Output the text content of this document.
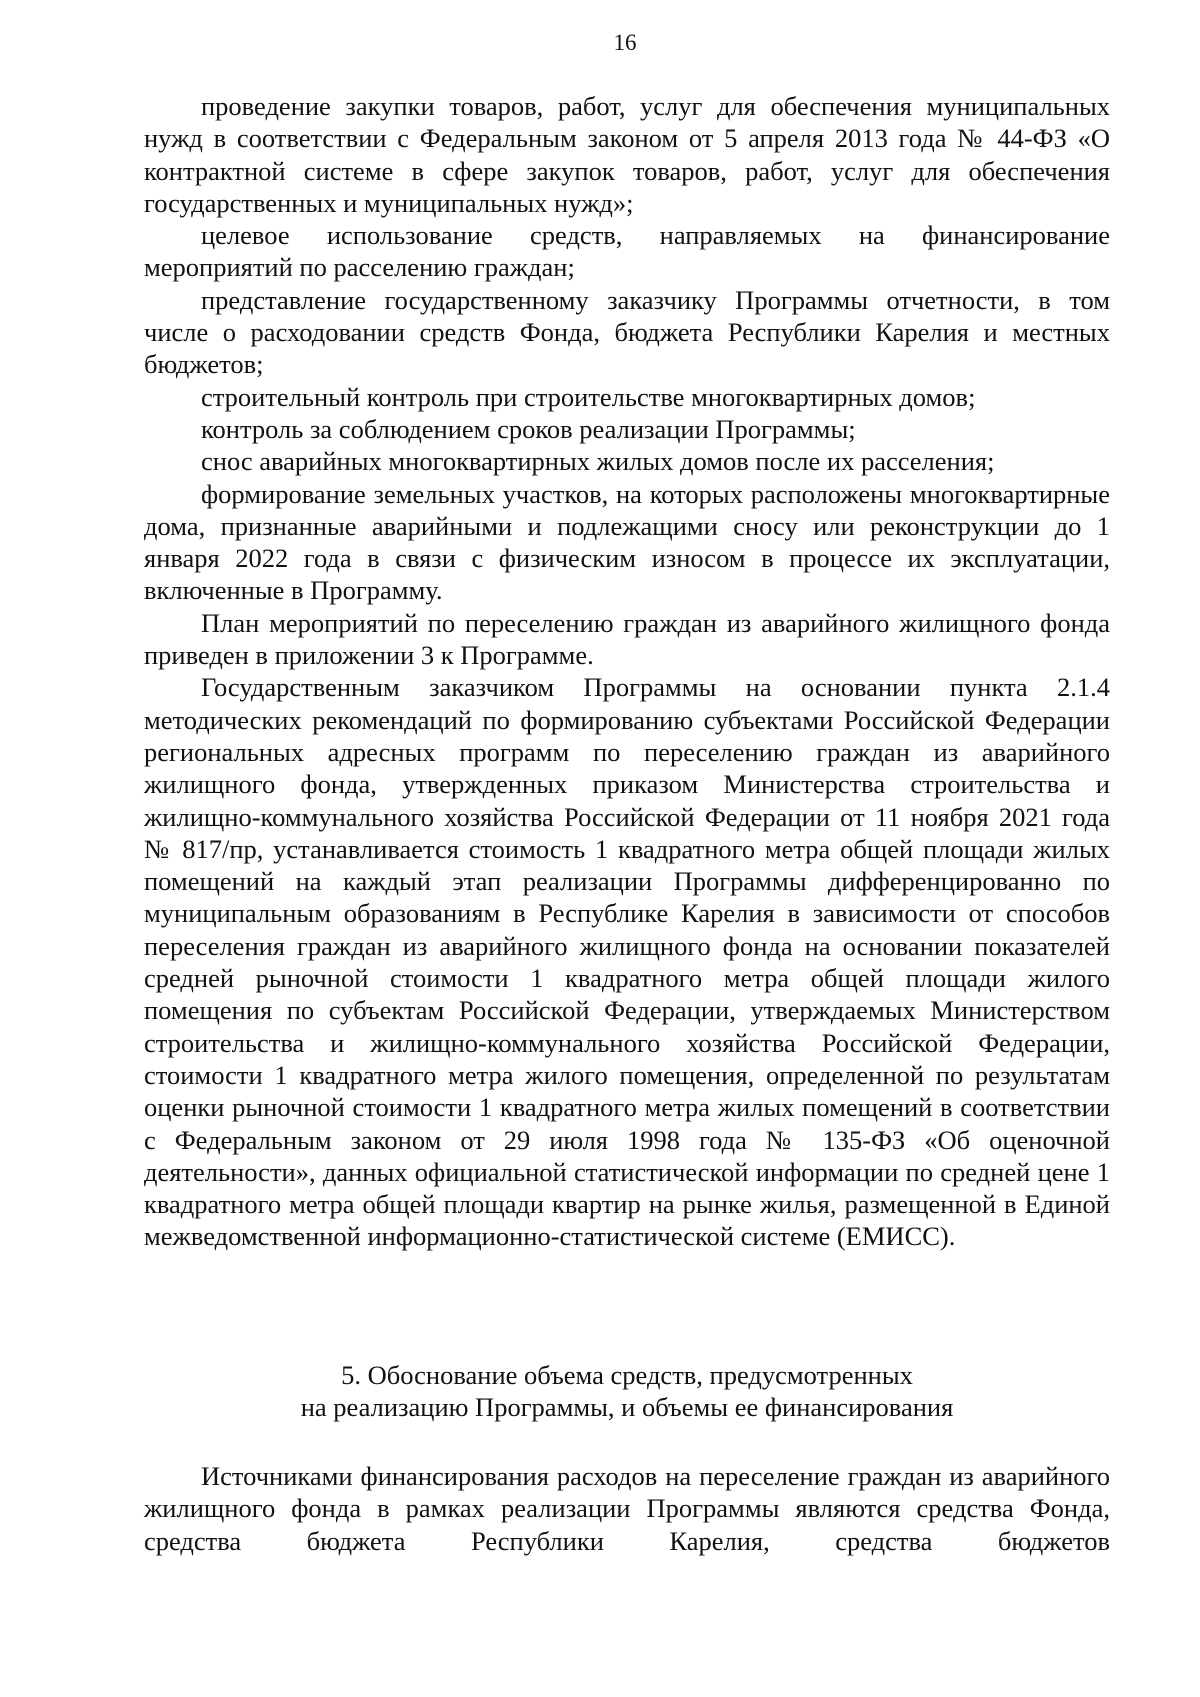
16

проведение закупки товаров, работ, услуг для обеспечения муниципальных нужд в соответствии с Федеральным законом от 5 апреля 2013 года № 44-ФЗ «О контрактной системе в сфере закупок товаров, работ, услуг для обеспечения государственных и муниципальных нужд»;

целевое использование средств, направляемых на финансирование мероприятий по расселению граждан;

представление государственному заказчику Программы отчетности, в том числе о расходовании средств Фонда, бюджета Республики Карелия и местных бюджетов;

строительный контроль при строительстве многоквартирных домов;

контроль за соблюдением сроков реализации Программы;

снос аварийных многоквартирных жилых домов после их расселения;

формирование земельных участков, на которых расположены многоквартирные дома, признанные аварийными и подлежащими сносу или реконструкции до 1 января 2022 года в связи с физическим износом в процессе их эксплуатации, включенные в Программу.

План мероприятий по переселению граждан из аварийного жилищного фонда приведен в приложении 3 к Программе.

Государственным заказчиком Программы на основании пункта 2.1.4 методических рекомендаций по формированию субъектами Российской Федерации региональных адресных программ по переселению граждан из аварийного жилищного фонда, утвержденных приказом Министерства строительства и жилищно-коммунального хозяйства Российской Федерации от 11 ноября 2021 года № 817/пр, устанавливается стоимость 1 квадратного метра общей площади жилых помещений на каждый этап реализации Программы дифференцированно по муниципальным образованиям в Республике Карелия в зависимости от способов переселения граждан из аварийного жилищного фонда на основании показателей средней рыночной стоимости 1 квадратного метра общей площади жилого помещения по субъектам Российской Федерации, утверждаемых Министерством строительства и жилищно-коммунального хозяйства Российской Федерации, стоимости 1 квадратного метра жилого помещения, определенной по результатам оценки рыночной стоимости 1 квадратного метра жилых помещений в соответствии с Федеральным законом от 29 июля 1998 года № 135-ФЗ «Об оценочной деятельности», данных официальной статистической информации по средней цене 1 квадратного метра общей площади квартир на рынке жилья, размещенной в Единой межведомственной информационно-статистической системе (ЕМИСС).

5. Обоснование объема средств, предусмотренных
на реализацию Программы, и объемы ее финансирования

Источниками финансирования расходов на переселение граждан из аварийного жилищного фонда в рамках реализации Программы являются средства Фонда, средства бюджета Республики Карелия, средства бюджетов
